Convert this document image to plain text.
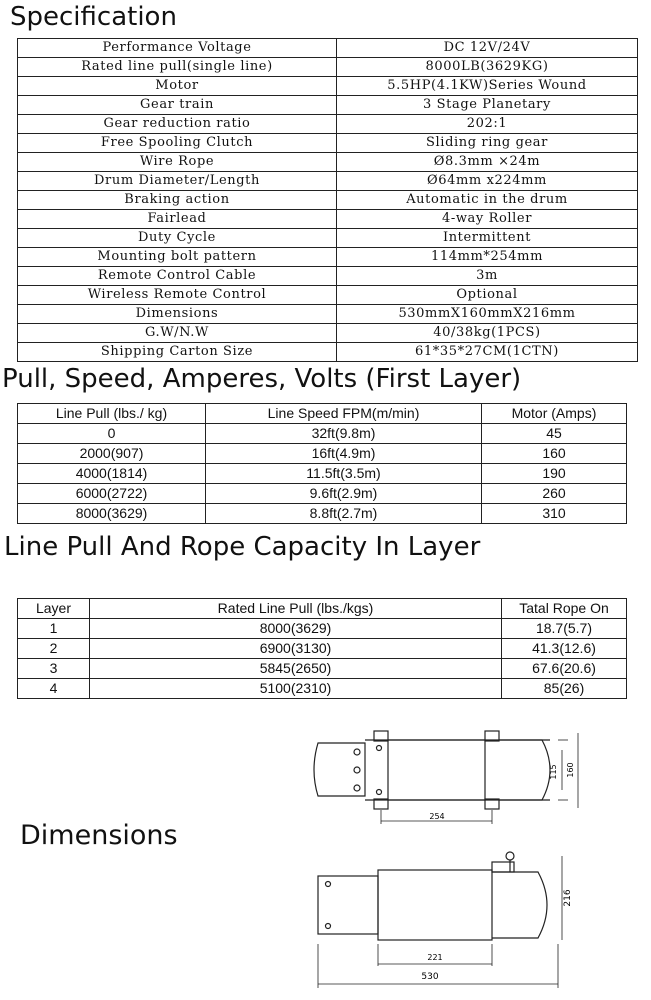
Specification
Performance Voltage	DC 12V/24V
Rated line pull(single line)	8000LB(3629KG)
Motor	5.5HP(4.1KW)Series Wound
Gear train	3 Stage Planetary
Gear reduction ratio	202:1
Free Spooling Clutch	Sliding ring gear
Wire Rope	Ø8.3mm ×24m
Drum Diameter/Length	Ø64mm x224mm
Braking action	Automatic in the drum
Fairlead	4-way Roller
Duty Cycle	Intermittent
Mounting bolt pattern	114mm*254mm
Remote Control Cable	3m
Wireless Remote Control	Optional
Dimensions	530mmX160mmX216mm
G.W/N.W	40/38kg(1PCS)
Shipping Carton Size	61*35*27CM(1CTN)
Pull, Speed, Amperes, Volts (First Layer)
Line Pull (lbs./ kg)	Line Speed FPM(m/min)	Motor (Amps)
0	32ft(9.8m)	45
2000(907)	16ft(4.9m)	160
4000(1814)	11.5ft(3.5m)	190
6000(2722)	9.6ft(2.9m)	260
8000(3629)	8.8ft(2.7m)	310
Line Pull And Rope Capacity In Layer
Layer	Rated Line Pull (lbs./kgs)	Tatal Rope On
1	8000(3629)	18.7(5.7)
2	6900(3130)	41.3(12.6)
3	5845(2650)	67.6(20.6)
4	5100(2310)	85(26)
Dimensions
115 160
254
221
530
216
